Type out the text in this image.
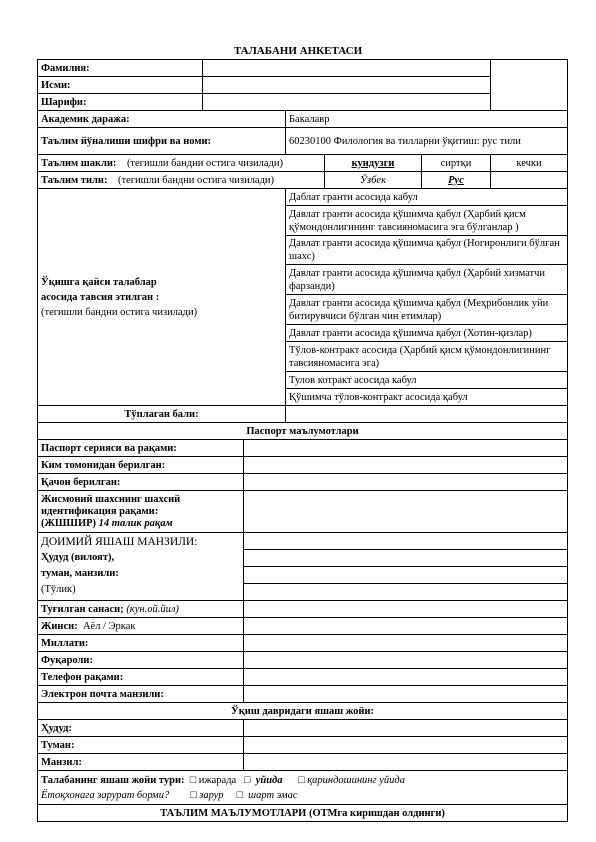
ТАЛАБАНИ АНКЕТАСИ
Фамилия:						
Исми:						
Шарифи:						
Академик даража:			Бакалавр			
Таълим йўналиши шифри ва номи:			60230100 Филология ва тилларни ўқитиш: рус тили			
Таълим шакли: (тегишли бандни остига чизилади)				кундузги	сиртқи	кечки
Таълим тили: (тегишли бандни остига чизилади)				Ўзбек	Рус	

Ўқишга қайси талаблар
асосида тавсия этилган :
(тегишли бандни остига чизилади)			Даблат гранти асосида кабул			
			Давлат гранти асосида қўшимча қабул (Ҳарбий қисм қўмондонлигининг тавсияномасига эга бўлганлар )			
			Давлат гранти асосида қўшимча қабул (Ногиронлиги бўлган шахс)			
			Давлат гранти асосида қўшимча қабул (Ҳарбий хизматчи фарзанди)			
			Давлат гранти асосида қўшимча қабул (Меҳрибонлик уйи битирувчиси бўлган чин етимлар)			
			Давлат гранти асосида қўшимча қабул (Хотин-қизлар)			
			Тўлов-контракт асосида (Ҳарбий қисм қўмондонлигининг тавсияномасига эга)			
			Тулов котракт асосида кабул			
			Қўшимча тўлов-контракт асосида қабул			
Тўплаган бали:						
Паспорт маълумотлари						
Паспорт серияси ва рақами:						
Ким томонидан берилган:						
Қачон берилган:						

Жисмоний шахснинг шахсий
идентификация рақами:
(ЖШШИР) 14 талик рақам						

ДОИМИЙ ЯШАШ МАНЗИЛИ:
Ҳудуд (вилоят),
туман, манзили:
(Тўлик)						

Туғилган санаси; (кун.ой.йил)						
Жинси: Аёл / Эркак						
Миллати:						
Фуқароли:						
Телефон рақами:						
Электрон почта манзили:						
Ўқиш давридаги яшаш жойи:						
Ҳудуд:						
Туман:						
Манзил:						

Талабанинг яшаш жойи тури: □ ижарада □ уйида □ қариндошининг уйида
Ётоқхонага зарурат борми? □ зарур □ шарт эмас						

ТАЪЛИМ МАЪЛУМОТЛАРИ (ОТМга киришдан олдинги)						
